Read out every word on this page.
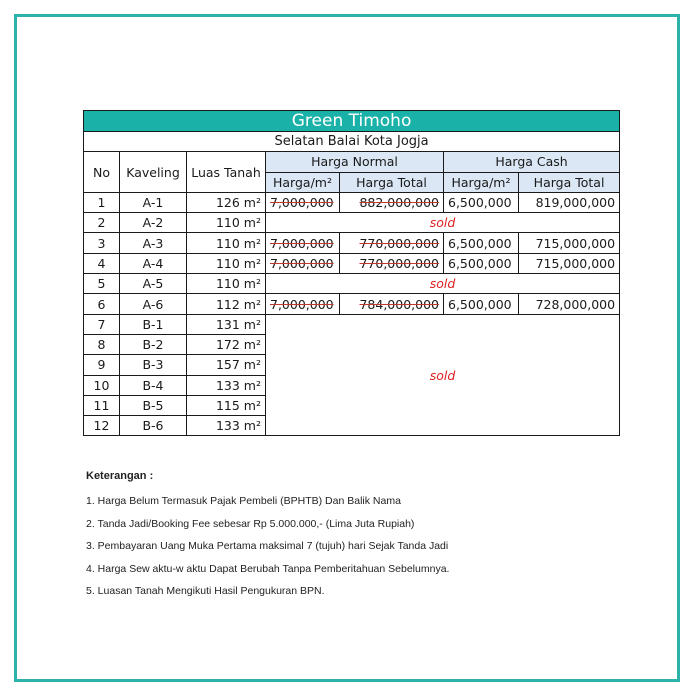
Green Timoho						
Selatan Balai Kota Jogja						
No	Kaveling	Luas Tanah	Harga Normal		Harga Cash	
			Harga/m²	Harga Total	Harga/m²	Harga Total
1	A-1	126 m²	7,000,000	882,000,000	6,500,000	819,000,000
2	A-2	110 m²	sold			
3	A-3	110 m²	7,000,000	770,000,000	6,500,000	715,000,000
4	A-4	110 m²	7,000,000	770,000,000	6,500,000	715,000,000
5	A-5	110 m²	sold			
6	A-6	112 m²	7,000,000	784,000,000	6,500,000	728,000,000
7	B-1	131 m²	sold			
8	B-2	172 m²				
9	B-3	157 m²				
10	B-4	133 m²				
11	B-5	115 m²				
12	B-6	133 m²				
Keterangan :
1. Harga Belum Termasuk Pajak Pembeli (BPHTB) Dan Balik Nama
2. Tanda Jadi/Booking Fee sebesar Rp 5.000.000,- (Lima Juta Rupiah)
3. Pembayaran Uang Muka Pertama maksimal 7 (tujuh) hari Sejak Tanda Jadi
4. Harga Sew aktu-w aktu Dapat Berubah Tanpa Pemberitahuan Sebelumnya.
5. Luasan Tanah Mengikuti Hasil Pengukuran BPN.
